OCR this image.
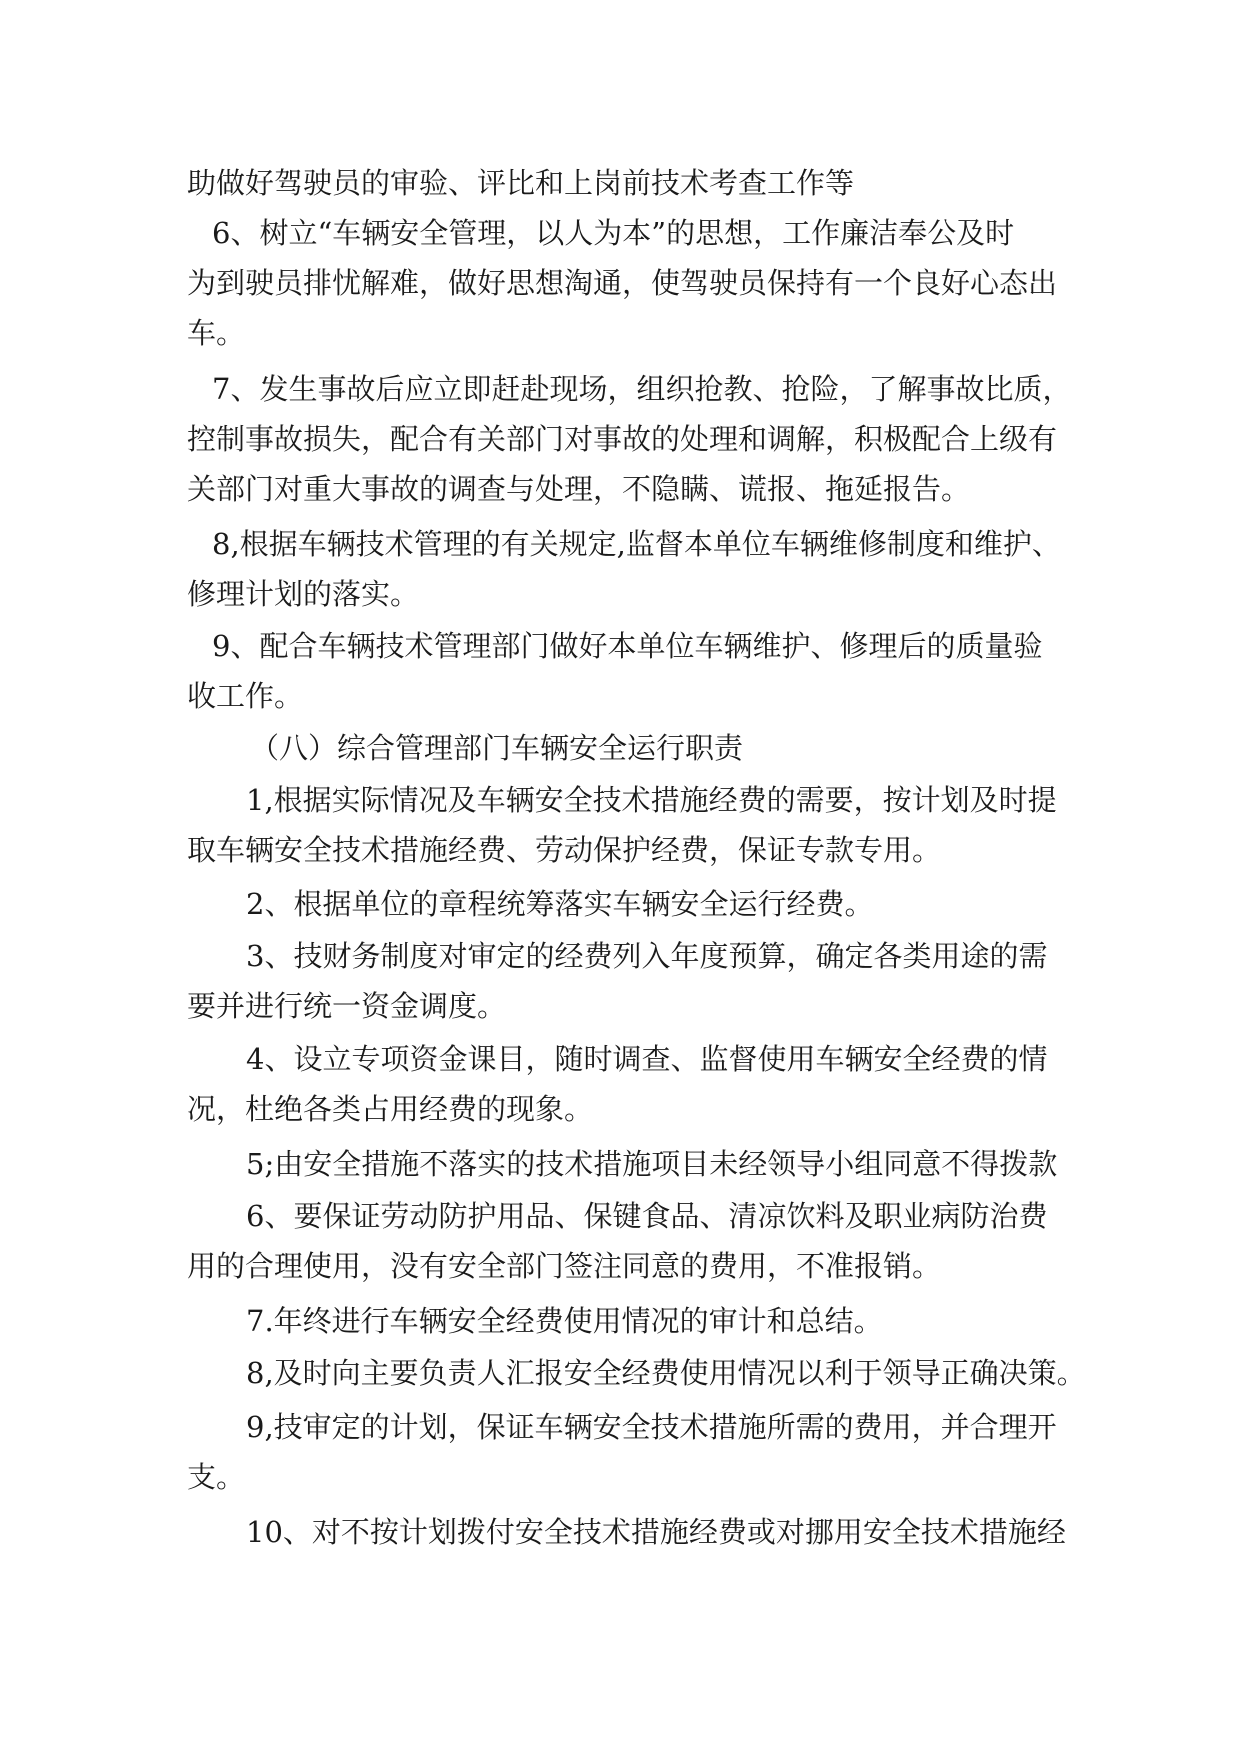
助做好驾驶员的审验、评比和上岗前技术考查工作等
6、树立“车辆安全管理，以人为本”的思想，工作廉洁奉公及时
为到驶员排忧解难，做好思想淘通，使驾驶员保持有一个良好心态出
车。
7、发生事故后应立即赶赴现场，组织抢教、抢险，了解事故比质，
控制事故损失，配合有关部门对事故的处理和调解，积极配合上级有
关部门对重大事故的调查与处理，不隐瞒、谎报、拖延报告。
8,根据车辆技术管理的有关规定,监督本单位车辆维修制度和维护、
修理计划的落实。
9、配合车辆技术管理部门做好本单位车辆维护、修理后的质量验
收工作。
（八）综合管理部门车辆安全运行职责
1,根据实际情况及车辆安全技术措施经费的需要，按计划及时提
取车辆安全技术措施经费、劳动保护经费，保证专款专用。
2、根据单位的章程统筹落实车辆安全运行经费。
3、技财务制度对审定的经费列入年度预算，确定各类用途的需
要并进行统一资金调度。
4、设立专项资金课目，随时调查、监督使用车辆安全经费的情
况，杜绝各类占用经费的现象。
5;由安全措施不落实的技术措施项目未经领导小组同意不得拨款
6、要保证劳动防护用品、保键食品、清凉饮料及职业病防治费
用的合理使用，没有安全部门签注同意的费用，不准报销。
7.年终进行车辆安全经费使用情况的审计和总结。
8,及时向主要负责人汇报安全经费使用情况以利于领导正确决策。
9,技审定的计划，保证车辆安全技术措施所需的费用，并合理开
支。
10、对不按计划拨付安全技术措施经费或对挪用安全技术措施经
